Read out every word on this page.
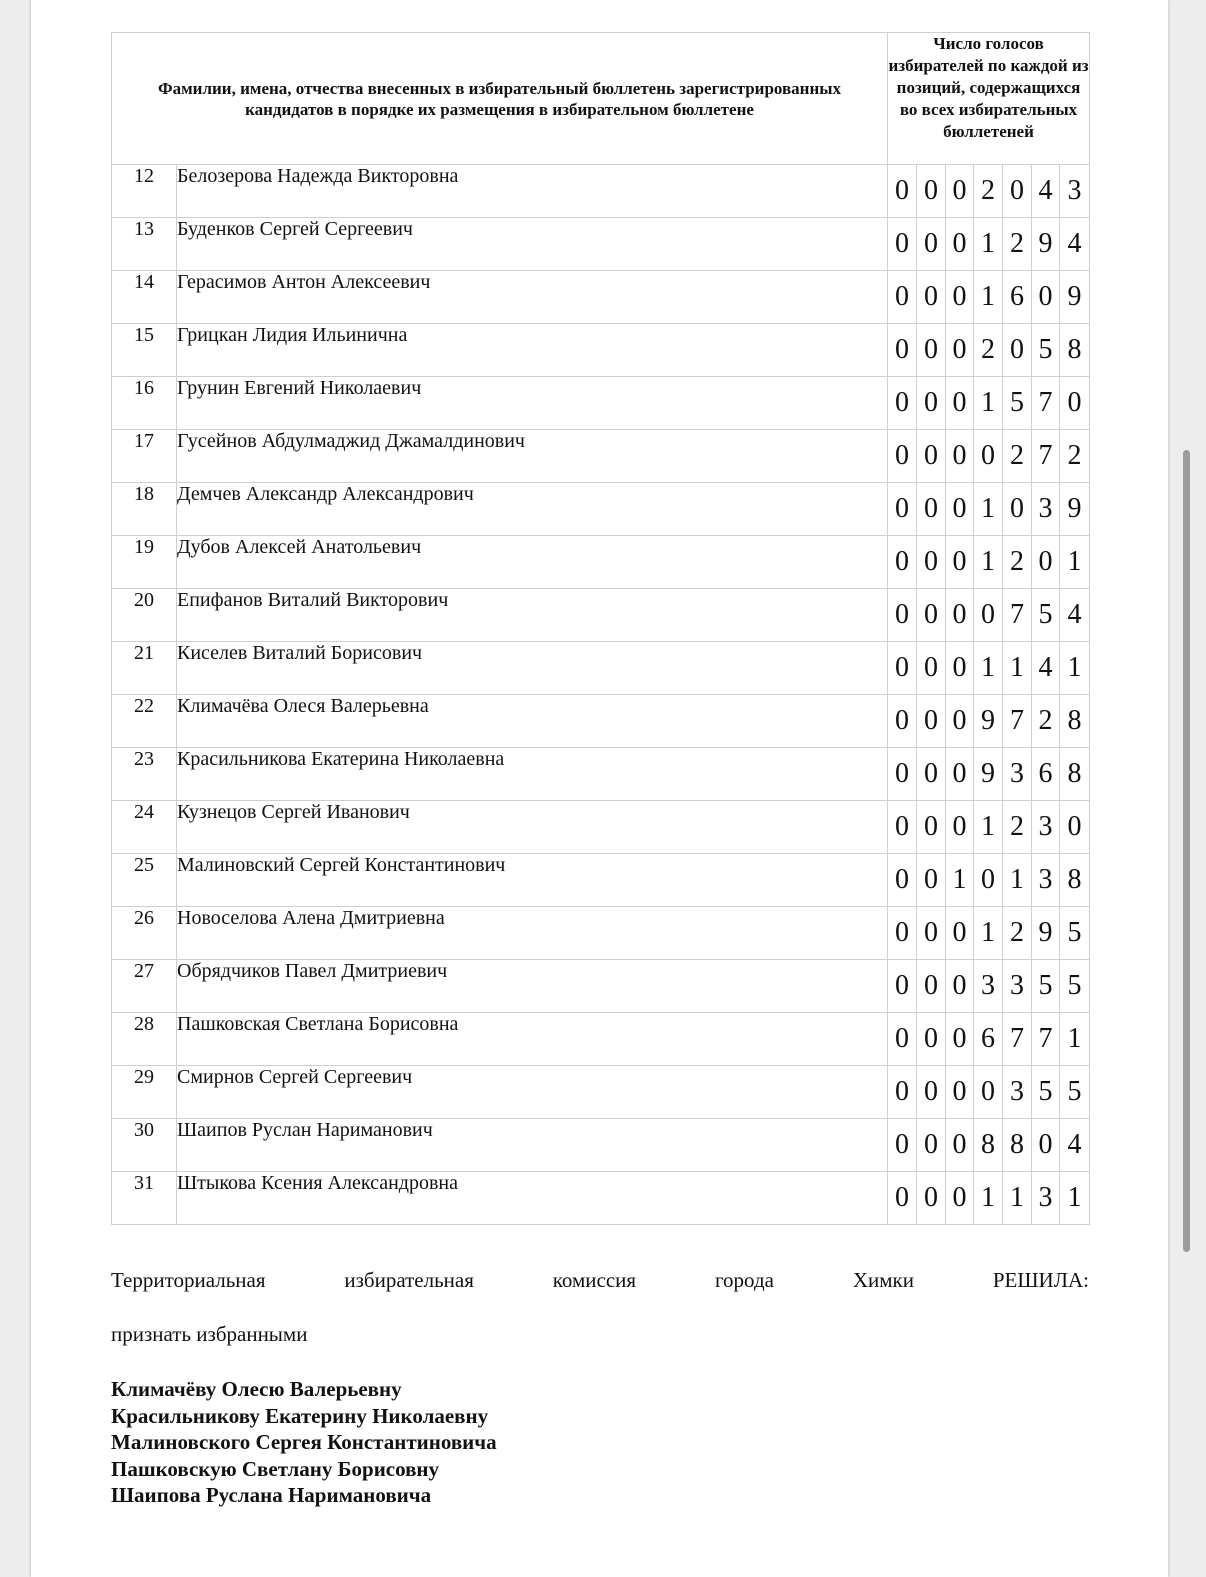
Фамилии, имена, отчества внесенных в избирательный бюллетень зарегистрированных кандидатов в порядке их размещения в избирательном бюллетене		Число голосов избирателей по каждой из позиций, содержащихся во всех избирательных бюллетеней						
12	Белозерова Надежда Викторовна	0	0	0	2	0	4	3
13	Буденков Сергей Сергеевич	0	0	0	1	2	9	4
14	Герасимов Антон Алексеевич	0	0	0	1	6	0	9
15	Грицкан Лидия Ильинична	0	0	0	2	0	5	8
16	Грунин Евгений Николаевич	0	0	0	1	5	7	0
17	Гусейнов Абдулмаджид Джамалдинович	0	0	0	0	2	7	2
18	Демчев Александр Александрович	0	0	0	1	0	3	9
19	Дубов Алексей Анатольевич	0	0	0	1	2	0	1
20	Епифанов Виталий Викторович	0	0	0	0	7	5	4
21	Киселев Виталий Борисович	0	0	0	1	1	4	1
22	Климачёва Олеся Валерьевна	0	0	0	9	7	2	8
23	Красильникова Екатерина Николаевна	0	0	0	9	3	6	8
24	Кузнецов Сергей Иванович	0	0	0	1	2	3	0
25	Малиновский Сергей Константинович	0	0	1	0	1	3	8
26	Новоселова Алена Дмитриевна	0	0	0	1	2	9	5
27	Обрядчиков Павел Дмитриевич	0	0	0	3	3	5	5
28	Пашковская Светлана Борисовна	0	0	0	6	7	7	1
29	Смирнов Сергей Сергеевич	0	0	0	0	3	5	5
30	Шаипов Руслан Нариманович	0	0	0	8	8	0	4
31	Штыкова Ксения Александровна	0	0	0	1	1	3	1
Территориальная	избирательная	комиссия	города	Химки	РЕШИЛА:
признать избранными
Климачёву Олесю Валерьевну
Красильникову Екатерину Николаевну
Малиновского Сергея Константиновича
Пашковскую Светлану Борисовну
Шаипова Руслана Наримановича
